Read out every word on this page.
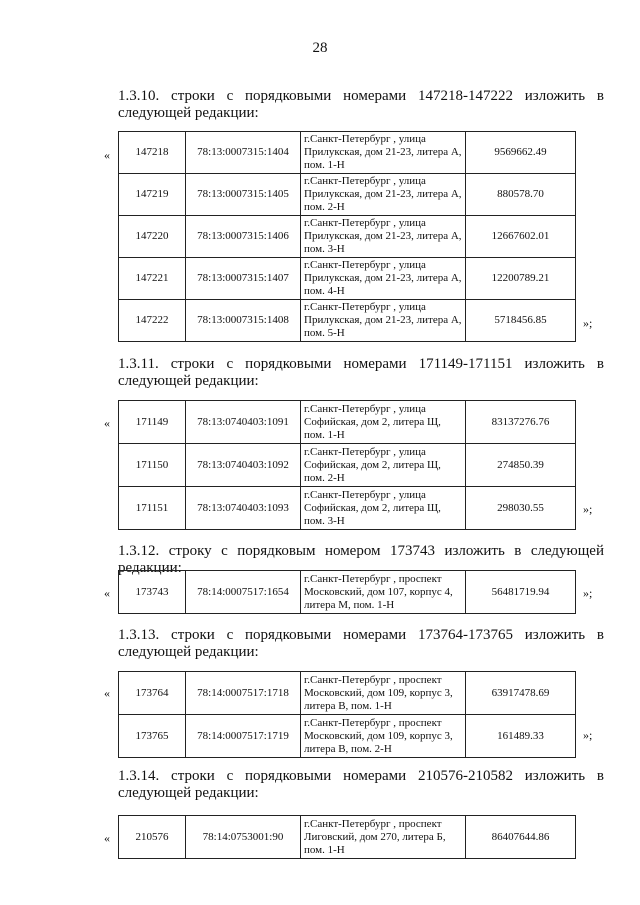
28
1.3.10. строки с порядковыми номерами 147218-147222 изложить в следующей редакции:
« 147218	78:13:0007315:1404	г.Санкт-Петербург , улица Прилукская, дом 21-23, литера А, пом. 1-Н	9569662.49
147219	78:13:0007315:1405	г.Санкт-Петербург , улица Прилукская, дом 21-23, литера А, пом. 2-Н	880578.70
147220	78:13:0007315:1406	г.Санкт-Петербург , улица Прилукская, дом 21-23, литера А, пом. 3-Н	12667602.01
147221	78:13:0007315:1407	г.Санкт-Петербург , улица Прилукская, дом 21-23, литера А, пом. 4-Н	12200789.21
147222	78:13:0007315:1408	г.Санкт-Петербург , улица Прилукская, дом 21-23, литера А, пом. 5-Н	5718456.85	»;
1.3.11. строки с порядковыми номерами 171149-171151 изложить в следующей редакции:
« 171149	78:13:0740403:1091	г.Санкт-Петербург , улица Софийская, дом 2, литера Щ, пом. 1-Н	83137276.76
171150	78:13:0740403:1092	г.Санкт-Петербург , улица Софийская, дом 2, литера Щ, пом. 2-Н	274850.39
171151	78:13:0740403:1093	г.Санкт-Петербург , улица Софийская, дом 2, литера Щ, пом. 3-Н	298030.55	»;
1.3.12. строку с порядковым номером 173743 изложить в следующей редакции:
« 173743	78:14:0007517:1654	г.Санкт-Петербург , проспект Московский, дом 107, корпус 4, литера М, пом. 1-Н	56481719.94	»;
1.3.13. строки с порядковыми номерами 173764-173765 изложить в следующей редакции:
« 173764	78:14:0007517:1718	г.Санкт-Петербург , проспект Московский, дом 109, корпус 3, литера В, пом. 1-Н	63917478.69
173765	78:14:0007517:1719	г.Санкт-Петербург , проспект Московский, дом 109, корпус 3, литера В, пом. 2-Н	161489.33	»;
1.3.14. строки с порядковыми номерами 210576-210582 изложить в следующей редакции:
« 210576	78:14:0753001:90	г.Санкт-Петербург , проспект Лиговский, дом 270, литера Б, пом. 1-Н	86407644.86
